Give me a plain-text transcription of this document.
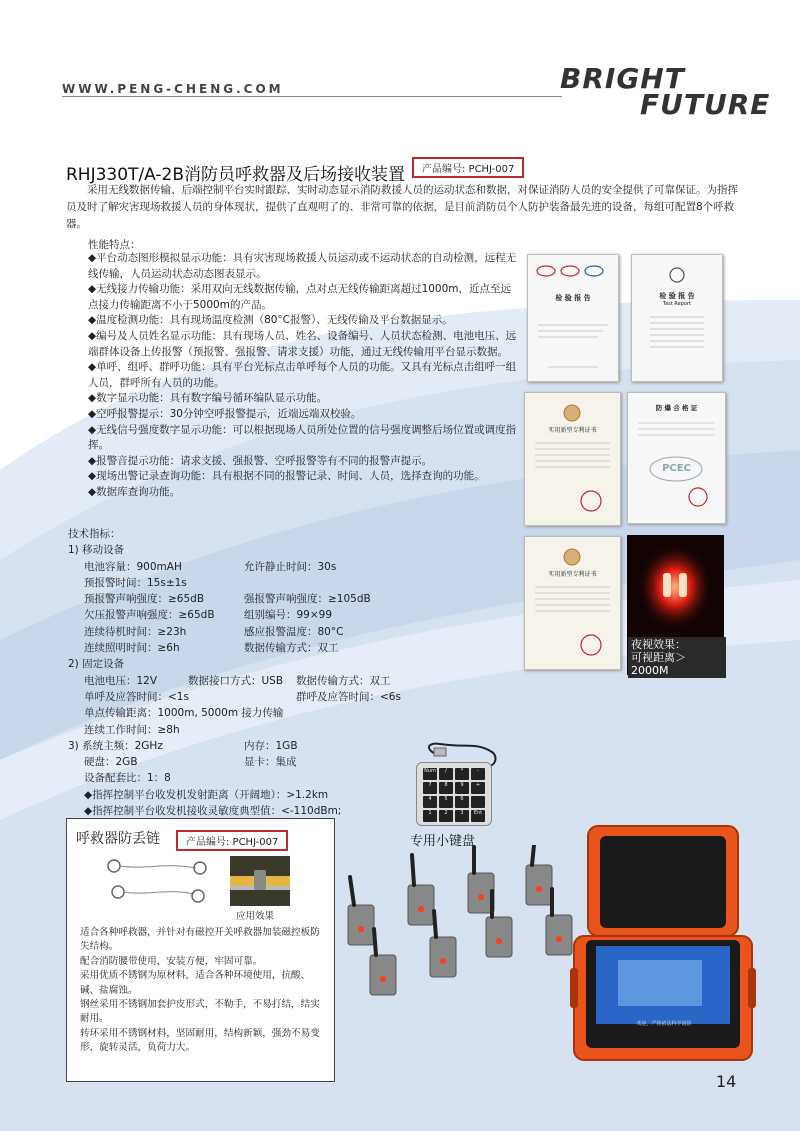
WWW.PENG-CHENG.COM	BRIGHT
FUTURE
RHJ330T/A-2B消防员呼救器及后场接收装置	产品编号: PCHJ-007
采用无线数据传输、后端控制平台实时跟踪、实时动态显示消防救援人员的运动状态和数据，对保证消防人员的安全提供了可靠保证。为指挥员及时了解灾害现场救援人员的身体现状，提供了直观明了的、非常可靠的依据，是目前消防员个人防护装备最先进的设备，每组可配置8个呼救器。
性能特点：
◆平台动态图形模拟显示功能：具有灾害现场救援人员运动或不运动状态的自动检测，远程无线传输，人员运动状态动态图表显示。
◆无线接力传输功能：采用双向无线数据传输，点对点无线传输距离超过1000m，近点至远点接力传输距离不小于5000m的产品。
◆温度检测功能：具有现场温度检测（80°C报警）、无线传输及平台数据显示。
◆编号及人员姓名显示功能：具有现场人员、姓名、设备编号、人员状态检测、电池电压、远端群体设备上传报警（预报警、强报警、请求支援）功能，通过无线传输用平台显示数据。
◆单呼、组呼、群呼功能：具有平台光标点击单呼每个人员的功能。又具有光标点击组呼一组人员，群呼所有人员的功能。
◆数字显示功能：具有数字编号循环编队显示功能。
◆空呼报警提示：30分钟空呼报警提示，近端远端双校验。
◆无线信号强度数字显示功能：可以根据现场人员所处位置的信号强度调整后场位置或调度指挥。
◆报警音提示功能：请求支援、强报警、空呼报警等有不同的报警声提示。
◆现场出警记录查询功能：具有根据不同的报警记录、时间、人员，选择查询的功能。
◆数据库查询功能。
检 验 报 告	检 验 报 告
Test Report
实用新型专利证书
防 爆 合 格 证
PCEC
实用新型专利证书
夜视效果：
可视距离＞2000M
技术指标：
1) 移动设备
电池容量：900mAH	允许静止时间：30s
预报警时间：15s±1s
预报警声响强度：≥65dB	强报警声响强度：≥105dB
欠压报警声响强度：≥65dB	组别编号：99×99
连续待机时间：≥23h	感应报警温度：80°C
连续照明时间：≥6h	数据传输方式：双工
2) 固定设备
电池电压：12V	数据接口方式：USB 数据传输方式：双工
单呼及应答时间：<1s	群呼及应答时间：<6s
单点传输距离：1000m, 5000m 接力传输
连续工作时间：≥8h
3) 系统主频：2GHz	内存：1GB
硬盘：2GB	显卡：集成
设备配套比：1：8
◆指挥控制平台收发机发射距离（开阔地）：>1.2km
◆指挥控制平台收发机接收灵敏度典型值：<-110dBm;
Num	/	*	-
7	8	9	+
4	5	6
1	2	3	Ent
专用小键盘
欢迎，严格依法科学消防
呼救器防丢链	产品编号: PCHJ-007
应用效果
适合各种呼救器，并针对有磁控开关呼救器加装磁控板防失结构。
配合消防腰带使用，安装方便，牢固可靠。
采用优质不锈钢为原材料，适合各种环境使用，抗酸、碱、盐腐蚀。
钢丝采用不锈钢加套护皮形式，不勒手，不易打结，结实耐用。
转环采用不锈钢材料，坚固耐用，结构新颖，强劲不易变形，旋转灵活，负荷力大。
14
